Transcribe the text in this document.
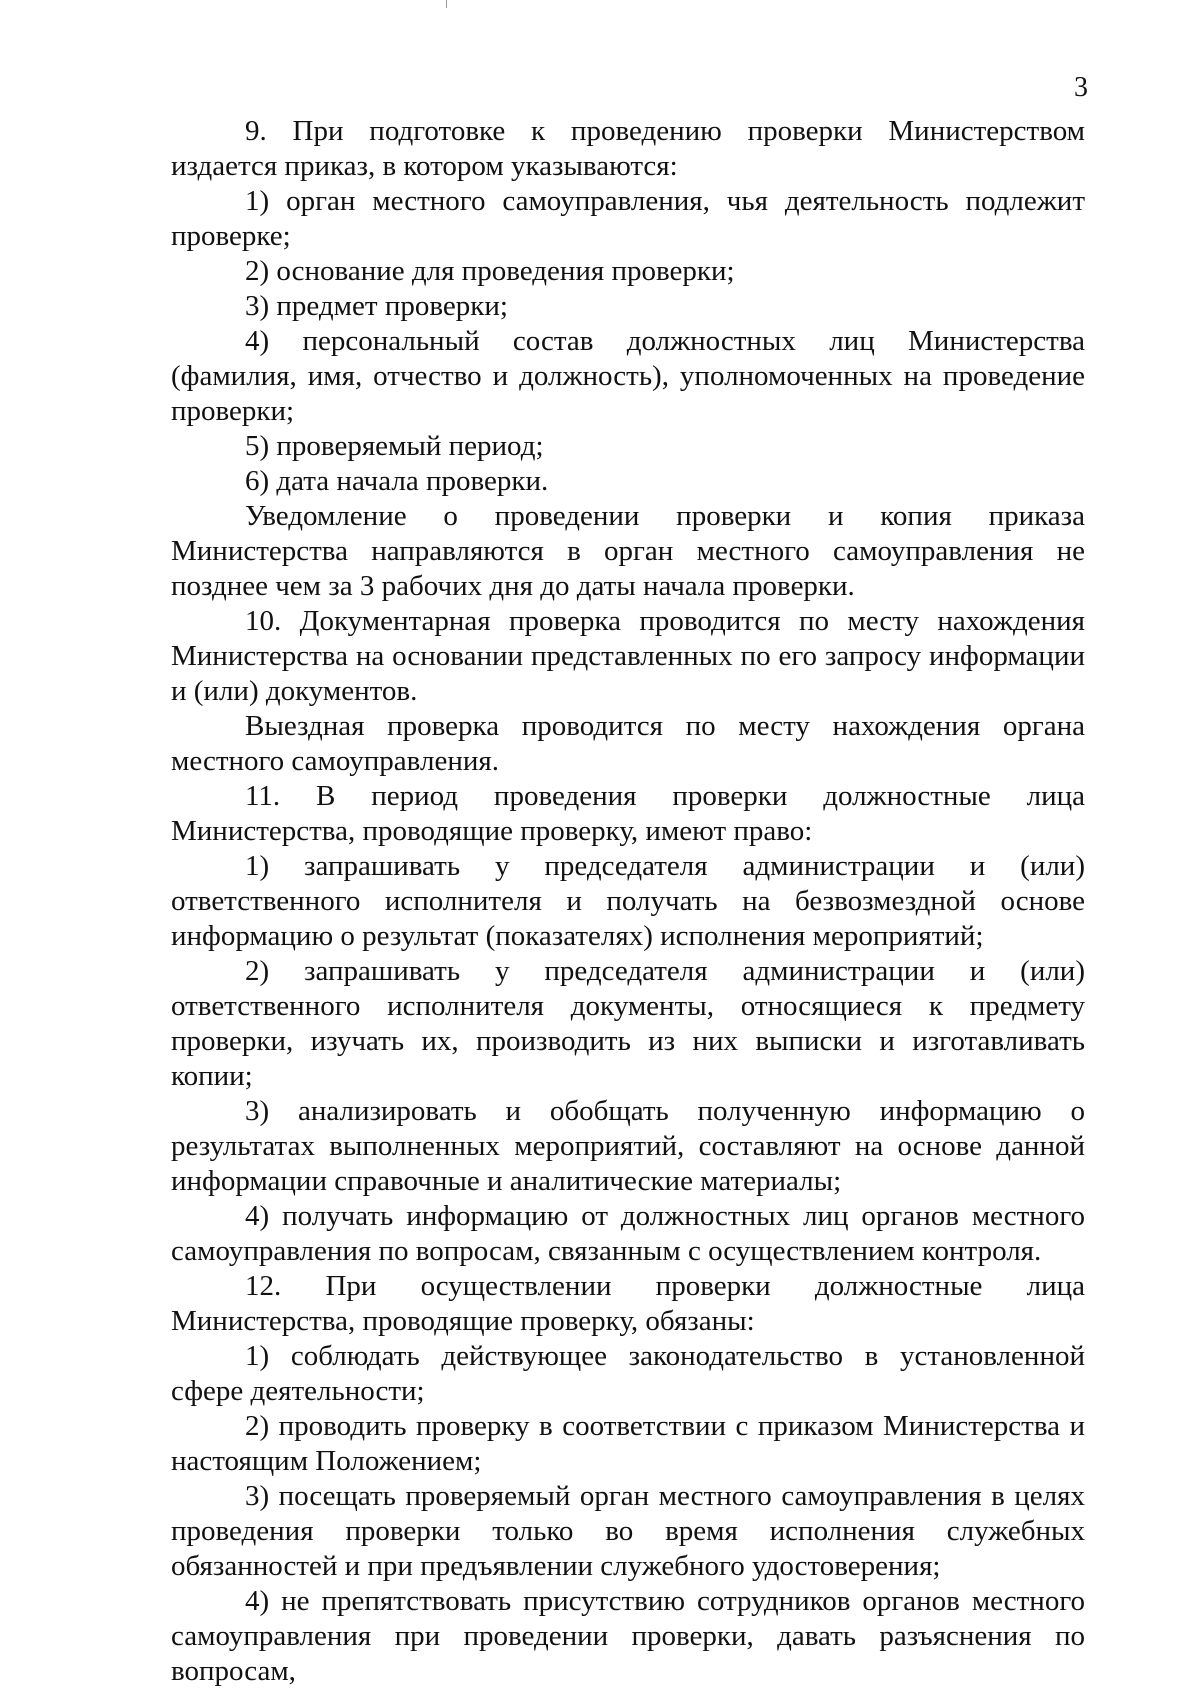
3

9. При подготовке к проведению проверки Министерством издается приказ, в котором указываются:

1) орган местного самоуправления, чья деятельность подлежит проверке;

2) основание для проведения проверки;

3) предмет проверки;

4) персональный состав должностных лиц Министерства (фамилия, имя, отчество и должность), уполномоченных на проведение проверки;

5) проверяемый период;

6) дата начала проверки.

Уведомление о проведении проверки и копия приказа Министерства направляются в орган местного самоуправления не позднее чем за 3 рабочих дня до даты начала проверки.

10. Документарная проверка проводится по месту нахождения Министерства на основании представленных по его запросу информации и (или) документов.

Выездная проверка проводится по месту нахождения органа местного самоуправления.

11. В период проведения проверки должностные лица Министерства, проводящие проверку, имеют право:

1) запрашивать у председателя администрации и (или) ответственного исполнителя и получать на безвозмездной основе информацию о результат (показателях) исполнения мероприятий;

2) запрашивать у председателя администрации и (или) ответственного исполнителя документы, относящиеся к предмету проверки, изучать их, производить из них выписки и изготавливать копии;

3) анализировать и обобщать полученную информацию о результатах выполненных мероприятий, составляют на основе данной информации справочные и аналитические материалы;

4) получать информацию от должностных лиц органов местного самоуправления по вопросам, связанным с осуществлением контроля.

12. При осуществлении проверки должностные лица Министерства, проводящие проверку, обязаны:

1) соблюдать действующее законодательство в установленной сфере деятельности;

2) проводить проверку в соответствии с приказом Министерства и настоящим Положением;

3) посещать проверяемый орган местного самоуправления в целях проведения проверки только во время исполнения служебных обязанностей и при предъявлении служебного удостоверения;

4) не препятствовать присутствию сотрудников органов местного самоуправления при проведении проверки, давать разъяснения по вопросам,
